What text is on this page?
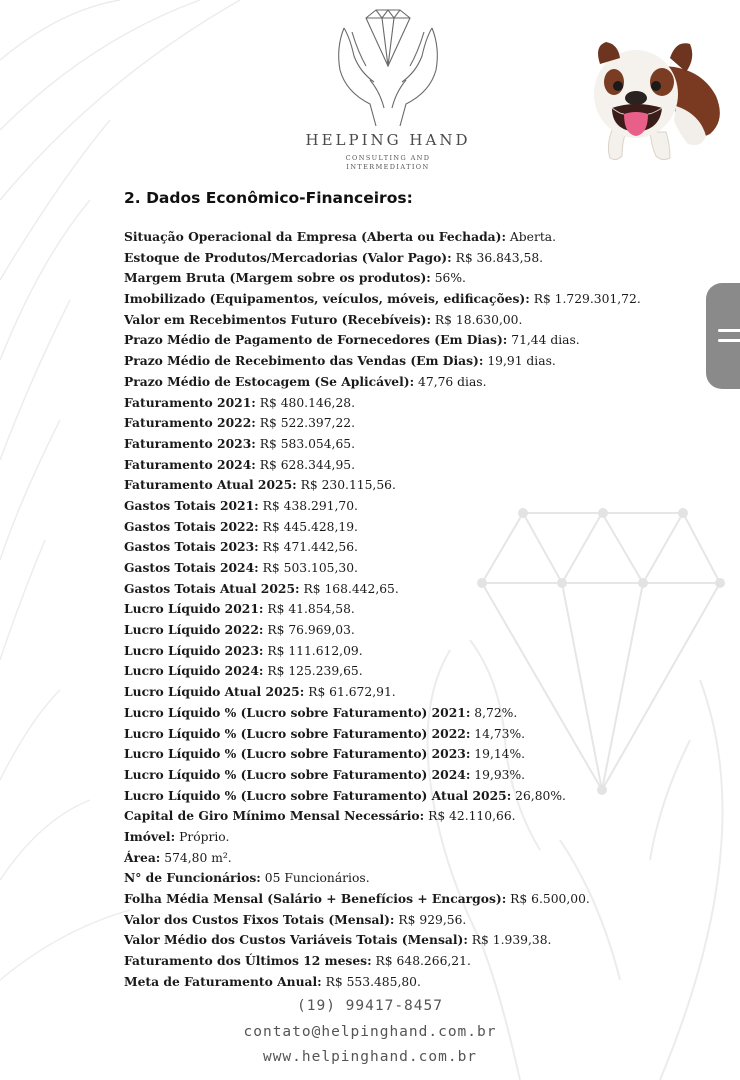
HELPING HAND
CONSULTING AND
INTERMEDIATION
2. Dados Econômico-Financeiros:
Situação Operacional da Empresa (Aberta ou Fechada): Aberta.
Estoque de Produtos/Mercadorias (Valor Pago): R$ 36.843,58.
Margem Bruta (Margem sobre os produtos): 56%.
Imobilizado (Equipamentos, veículos, móveis, edificações): R$ 1.729.301,72.
Valor em Recebimentos Futuro (Recebíveis): R$ 18.630,00.
Prazo Médio de Pagamento de Fornecedores (Em Dias): 71,44 dias.
Prazo Médio de Recebimento das Vendas (Em Dias): 19,91 dias.
Prazo Médio de Estocagem (Se Aplicável): 47,76 dias.
Faturamento 2021: R$ 480.146,28.
Faturamento 2022: R$ 522.397,22.
Faturamento 2023: R$ 583.054,65.
Faturamento 2024: R$ 628.344,95.
Faturamento Atual 2025: R$ 230.115,56.
Gastos Totais 2021: R$ 438.291,70.
Gastos Totais 2022: R$ 445.428,19.
Gastos Totais 2023: R$ 471.442,56.
Gastos Totais 2024: R$ 503.105,30.
Gastos Totais Atual 2025: R$ 168.442,65.
Lucro Líquido 2021: R$ 41.854,58.
Lucro Líquido 2022: R$ 76.969,03.
Lucro Líquido 2023: R$ 111.612,09.
Lucro Líquido 2024: R$ 125.239,65.
Lucro Líquido Atual 2025: R$ 61.672,91.
Lucro Líquido % (Lucro sobre Faturamento) 2021: 8,72%.
Lucro Líquido % (Lucro sobre Faturamento) 2022: 14,73%.
Lucro Líquido % (Lucro sobre Faturamento) 2023: 19,14%.
Lucro Líquido % (Lucro sobre Faturamento) 2024: 19,93%.
Lucro Líquido % (Lucro sobre Faturamento) Atual 2025: 26,80%.
Capital de Giro Mínimo Mensal Necessário: R$ 42.110,66.
Imóvel: Próprio.
Área: 574,80 m².
N° de Funcionários: 05 Funcionários.
Folha Média Mensal (Salário + Benefícios + Encargos): R$ 6.500,00.
Valor dos Custos Fixos Totais (Mensal): R$ 929,56.
Valor Médio dos Custos Variáveis Totais (Mensal): R$ 1.939,38.
Faturamento dos Últimos 12 meses: R$ 648.266,21.
Meta de Faturamento Anual: R$ 553.485,80.
(19) 99417-8457
contato@helpinghand.com.br
www.helpinghand.com.br
